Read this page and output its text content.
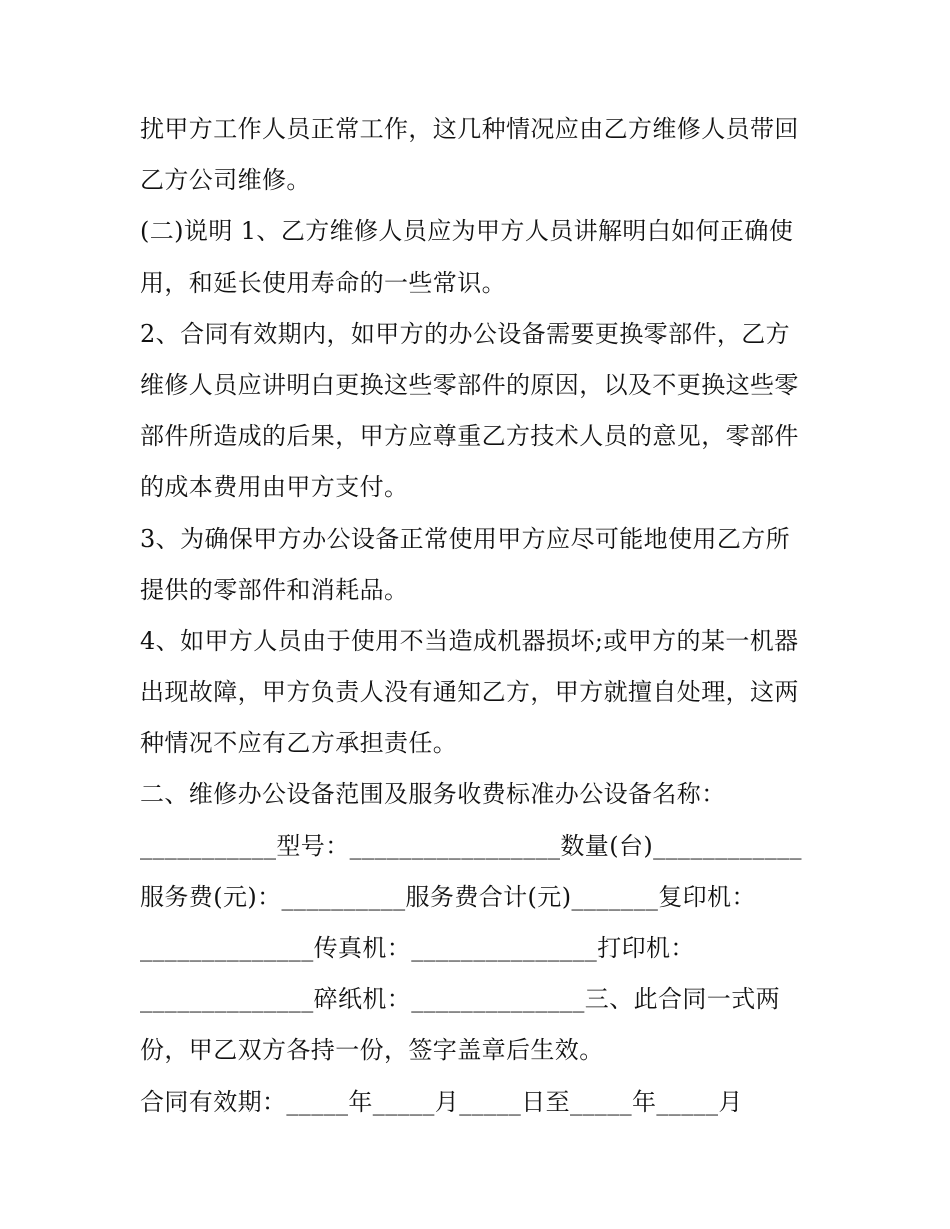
扰甲方工作人员正常工作，这几种情况应由乙方维修人员带回
乙方公司维修。
(二)说明 1、乙方维修人员应为甲方人员讲解明白如何正确使
用，和延长使用寿命的一些常识。
2、合同有效期内，如甲方的办公设备需要更换零部件，乙方
维修人员应讲明白更换这些零部件的原因，以及不更换这些零
部件所造成的后果，甲方应尊重乙方技术人员的意见，零部件
的成本费用由甲方支付。
3、为确保甲方办公设备正常使用甲方应尽可能地使用乙方所
提供的零部件和消耗品。
4、如甲方人员由于使用不当造成机器损坏;或甲方的某一机器
出现故障，甲方负责人没有通知乙方，甲方就擅自处理，这两
种情况不应有乙方承担责任。
二、维修办公设备范围及服务收费标准办公设备名称：
___________型号：_________________数量(台)____________
服务费(元)：__________服务费合计(元)_______复印机：
______________传真机：_______________打印机：
______________碎纸机：______________三、此合同一式两
份，甲乙双方各持一份，签字盖章后生效。
合同有效期：_____年_____月_____日至_____年_____月
